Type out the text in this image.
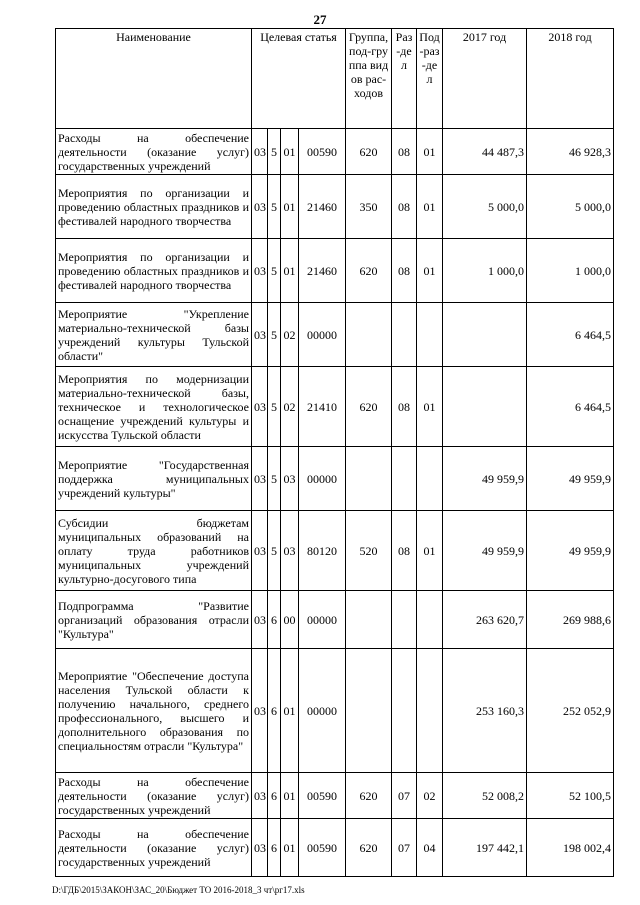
27
Наименование	Целевая статья				Группа, под-группа видов рас-ходов	Раз-дел	Под-раз-дел	2017 год	2018 год
Расходы на обеспечение деятельности (оказание услуг) государственных учреждений	03	5	01	00590	620	08	01	44 487,3	46 928,3
Мероприятия по организации и проведению областных праздников и фестивалей народного творчества	03	5	01	21460	350	08	01	5 000,0	5 000,0
Мероприятия по организации и проведению областных праздников и фестивалей народного творчества	03	5	01	21460	620	08	01	1 000,0	1 000,0
Мероприятие "Укрепление материально-технической базы учреждений культуры Тульской области"	03	5	02	00000					6 464,5
Мероприятия по модернизации материально-технической базы, техническое и технологическое оснащение учреждений культуры и искусства Тульской области	03	5	02	21410	620	08	01		6 464,5
Мероприятие "Государственная поддержка муниципальных учреждений культуры"	03	5	03	00000				49 959,9	49 959,9
Субсидии бюджетам муниципальных образований на оплату труда работников муниципальных учреждений культурно-досугового типа	03	5	03	80120	520	08	01	49 959,9	49 959,9
Подпрограмма "Развитие организаций образования отрасли "Культура"	03	6	00	00000				263 620,7	269 988,6
Мероприятие "Обеспечение доступа населения Тульской области к получению начального, среднего профессионального, высшего и дополнительного образования по специальностям отрасли "Культура"	03	6	01	00000				253 160,3	252 052,9
Расходы на обеспечение деятельности (оказание услуг) государственных учреждений	03	6	01	00590	620	07	02	52 008,2	52 100,5
Расходы на обеспечение деятельности (оказание услуг) государственных учреждений	03	6	01	00590	620	07	04	197 442,1	198 002,4
D:\ГДБ\2015\ЗАКОН\ЗАС_20\Бюджет ТО 2016-2018_3 чт\рг17.xls
